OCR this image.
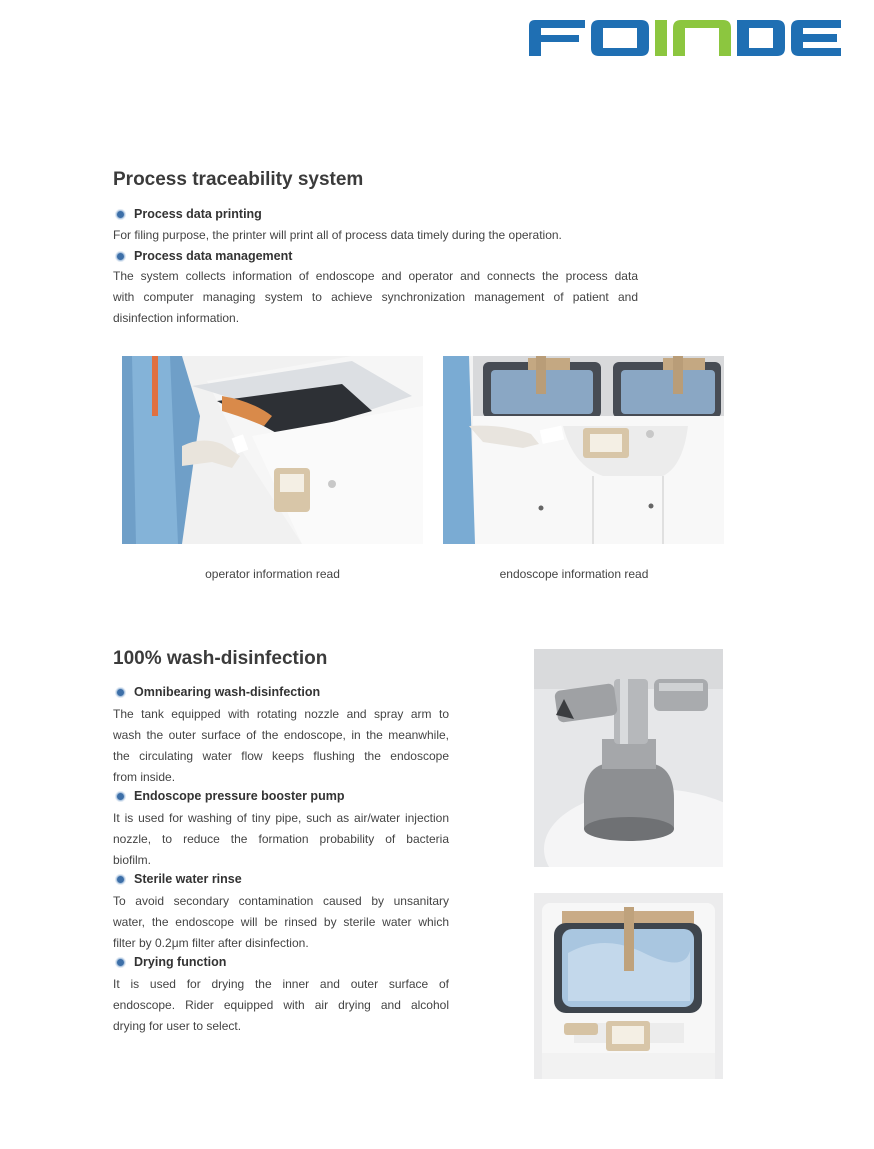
Process traceability system
Process data printing

For filing purpose, the printer will print all of process data timely during the operation.

Process data management

The system collects information of endoscope and operator and connects the process data
with computer managing system to achieve synchronization management of patient and

disinfection information.

operator information read	endoscope information read
100% wash-disinfection
Omnibearing wash-disinfection

The tank equipped with rotating nozzle and spray arm to
wash the outer surface of the endoscope, in the meanwhile,
the circulating water flow keeps flushing the endoscope

from inside.

Endoscope pressure booster pump

It is used for washing of tiny pipe, such as air/water injection
nozzle, to reduce the formation probability of bacteria

biofilm.

Sterile water rinse

To avoid secondary contamination caused by unsanitary
water, the endoscope will be rinsed by sterile water which

filter by 0.2μm filter after disinfection.

Drying function

It is used for drying the inner and outer surface of
endoscope. Rider equipped with air drying and alcohol

drying for user to select.
